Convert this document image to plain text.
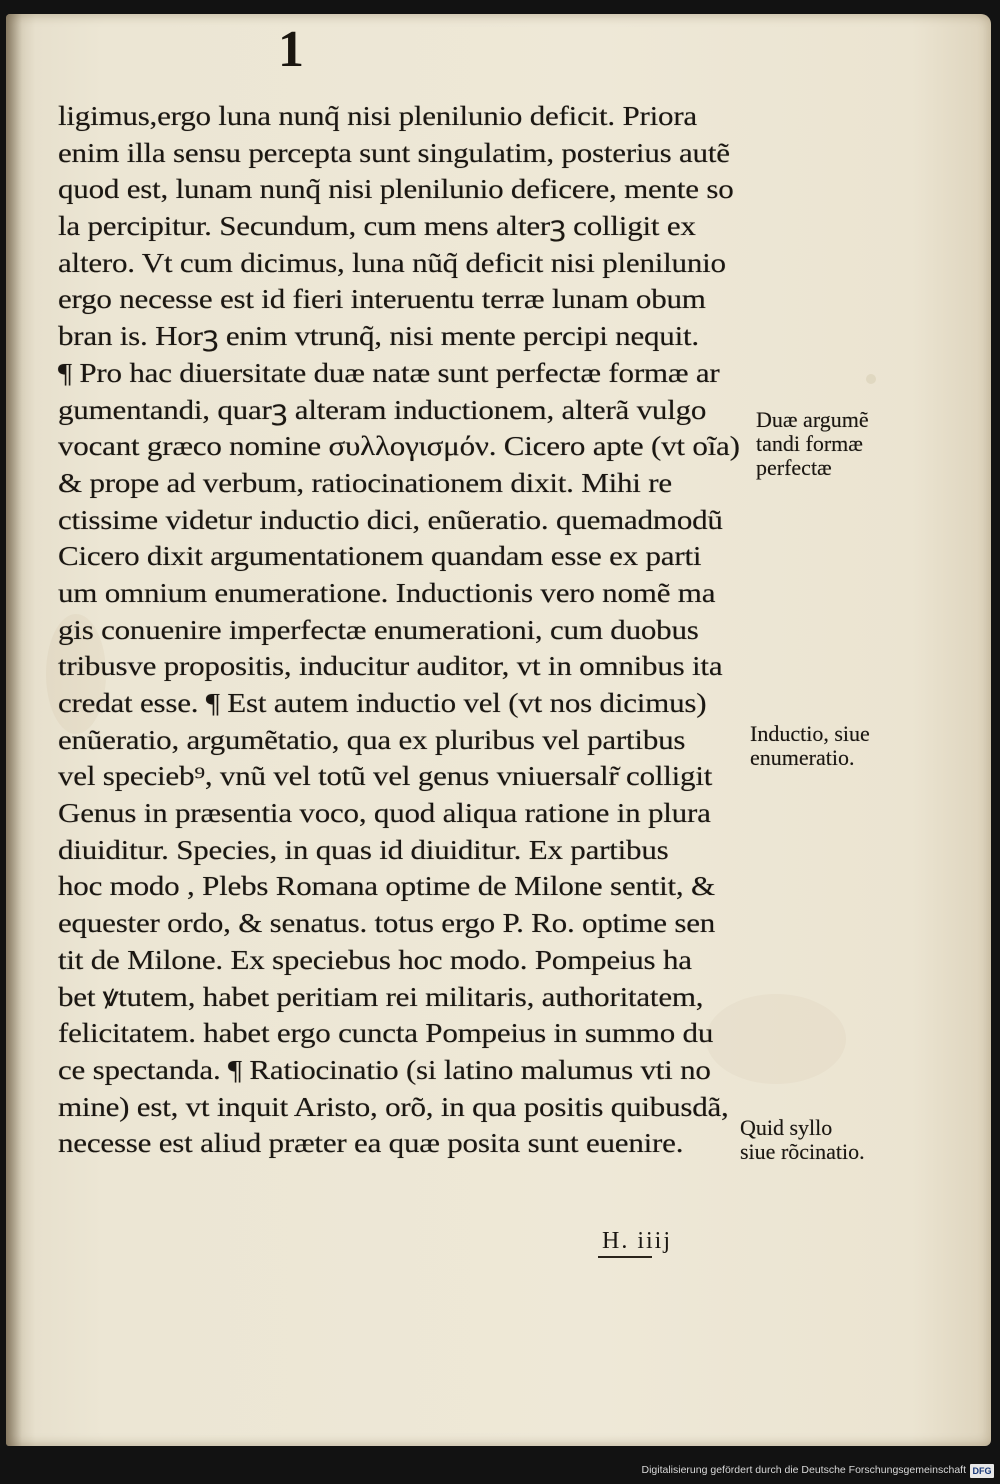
1
ligimus,ergo luna nunq̃ nisi plenilunio deficit. Priora
enim illa sensu percepta sunt singulatim, posterius autẽ
quod est, lunam nunq̃ nisi plenilunio deficere, mente so
la percipitur. Secundum, cum mens alterꝫ colligit ex
altero. Vt cum dicimus, luna nũq̃ deficit nisi plenilunio
ergo necesse est id fieri interuentu terræ lunam obum
bran is. Horꝫ enim vtrunq̃, nisi mente percipi nequit.
¶ Pro hac diuersitate duæ natæ sunt perfectæ formæ ar
gumentandi, quarꝫ alteram inductionem, alterã vulgo
vocant græco nomine συλλογισμόν. Cicero apte (vt oĩa)
& prope ad verbum, ratiocinationem dixit. Mihi re
ctissime videtur inductio dici, enũeratio. quemadmodũ
Cicero dixit argumentationem quandam esse ex parti
um omnium enumeratione. Inductionis vero nomẽ ma
gis conuenire imperfectæ enumerationi, cum duobus
tribusve propositis, inducitur auditor, vt in omnibus ita
credat esse. ¶ Est autem inductio vel (vt nos dicimus)
enũeratio, argumẽtatio, qua ex pluribus vel partibus
vel specieb⁹, vnũ vel totũ vel genus vniuersalr̃ colligit
Genus in præsentia voco, quod aliqua ratione in plura
diuiditur. Species, in quas id diuiditur. Ex partibus
hoc modo , Plebs Romana optime de Milone sentit, &
equester ordo, & senatus. totus ergo P. Ro. optime sen
tit de Milone. Ex speciebus hoc modo. Pompeius ha
bet ꝟtutem, habet peritiam rei militaris, authoritatem,
felicitatem. habet ergo cuncta Pompeius in summo du
ce spectanda. ¶ Ratiocinatio (si latino malumus vti no
mine) est, vt inquit Aristo, orõ, in qua positis quibusdã,
necesse est aliud præter ea quæ posita sunt euenire.
Duæ argumẽ
tandi formæ
perfectæ
Inductio, siue
enumeratio.
Quid syllo
siue rõcinatio.
H. iiij
Digitalisierung gefördert durch die Deutsche Forschungsgemeinschaft DFG
